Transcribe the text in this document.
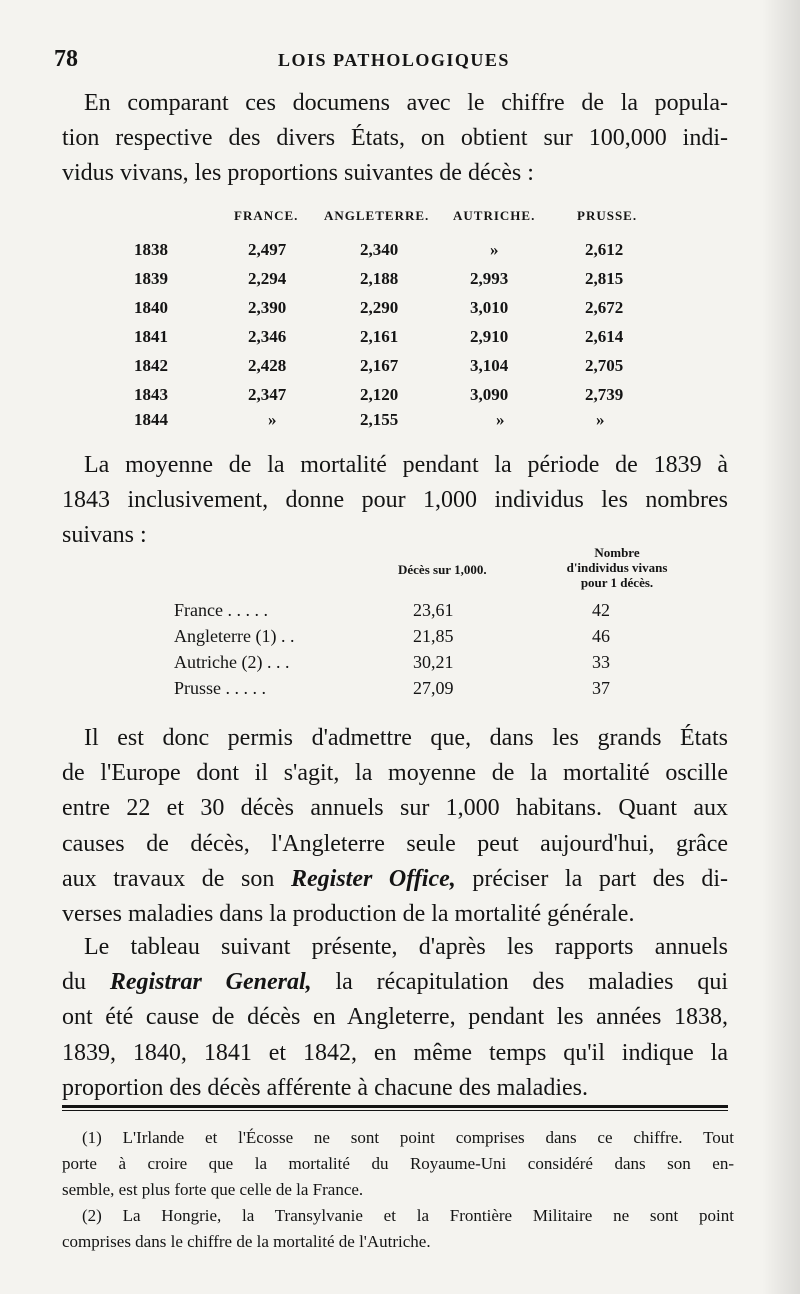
78	LOIS PATHOLOGIQUES
En comparant ces documens avec le chiffre de la popula-
tion respective des divers États, on obtient sur 100,000 indi-
vidus vivans, les proportions suivantes de décès :
FRANCE. ANGLETERRE. AUTRICHE.	PRUSSE.
1838	2,497	2,340	»	2,612
1839	2,294	2,188	2,993	2,815
1840	2,390	2,290	3,010	2,672
1841	2,346	2,161	2,910	2,614
1842	2,428	2,167	3,104	2,705
1843	2,347	2,120	3,090	2,739
1844	»	2,155	»	»
La moyenne de la mortalité pendant la période de 1839 à
1843 inclusivement, donne pour 1,000 individus les nombres
suivans :
Décès sur 1,000.
Nombre
d'individus vivans
pour 1 décès.
France . . . . .	23,61	42
Angleterre (1) . .	21,85	46
Autriche (2) . . .	30,21	33
Prusse . . . . .	27,09	37
Il est donc permis d'admettre que, dans les grands États
de l'Europe dont il s'agit, la moyenne de la mortalité oscille
entre 22 et 30 décès annuels sur 1,000 habitans. Quant aux
causes de décès, l'Angleterre seule peut aujourd'hui, grâce
aux travaux de son Register Office, préciser la part des di-
verses maladies dans la production de la mortalité générale.
Le tableau suivant présente, d'après les rapports annuels
du Registrar General, la récapitulation des maladies qui
ont été cause de décès en Angleterre, pendant les années 1838,
1839, 1840, 1841 et 1842, en même temps qu'il indique la
proportion des décès afférente à chacune des maladies.
(1) L'Irlande et l'Écosse ne sont point comprises dans ce chiffre. Tout
porte à croire que la mortalité du Royaume-Uni considéré dans son en-
semble, est plus forte que celle de la France.
(2) La Hongrie, la Transylvanie et la Frontière Militaire ne sont point
comprises dans le chiffre de la mortalité de l'Autriche.
